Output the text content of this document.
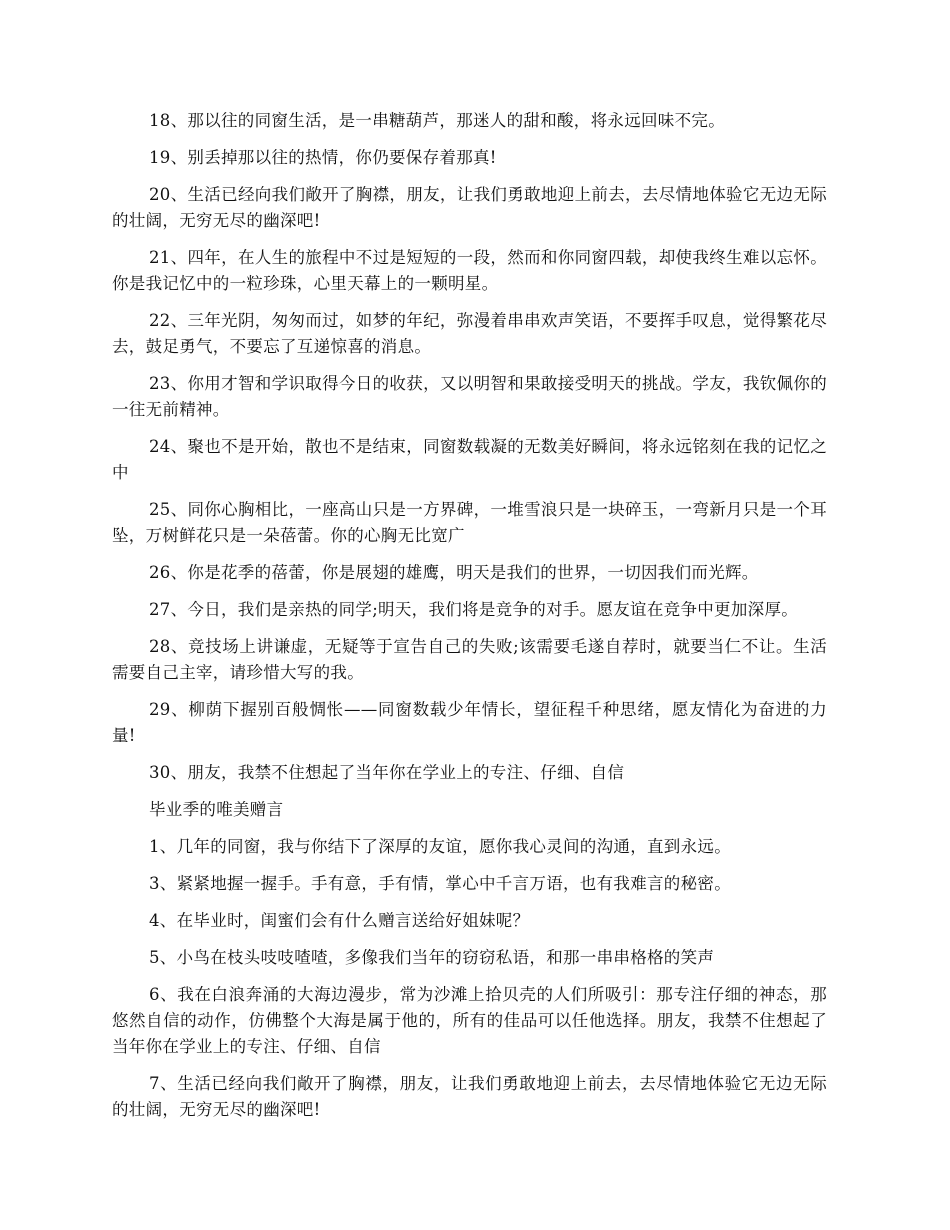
18、那以往的同窗生活，是一串糖葫芦，那迷人的甜和酸，将永远回味不完。

19、别丢掉那以往的热情，你仍要保存着那真!

20、生活已经向我们敞开了胸襟，朋友，让我们勇敢地迎上前去，去尽情地体验它无边无际的壮阔，无穷无尽的幽深吧!

21、四年，在人生的旅程中不过是短短的一段，然而和你同窗四载，却使我终生难以忘怀。你是我记忆中的一粒珍珠，心里天幕上的一颗明星。

22、三年光阴，匆匆而过，如梦的年纪，弥漫着串串欢声笑语，不要挥手叹息，觉得繁花尽去，鼓足勇气，不要忘了互递惊喜的消息。

23、你用才智和学识取得今日的收获，又以明智和果敢接受明天的挑战。学友，我钦佩你的一往无前精神。

24、聚也不是开始，散也不是结束，同窗数载凝的无数美好瞬间，将永远铭刻在我的记忆之中

25、同你心胸相比，一座高山只是一方界碑，一堆雪浪只是一块碎玉，一弯新月只是一个耳坠，万树鲜花只是一朵蓓蕾。你的心胸无比宽广

26、你是花季的蓓蕾，你是展翅的雄鹰，明天是我们的世界，一切因我们而光辉。

27、今日，我们是亲热的同学;明天，我们将是竞争的对手。愿友谊在竞争中更加深厚。

28、竞技场上讲谦虚，无疑等于宣告自己的失败;该需要毛遂自荐时，就要当仁不让。生活需要自己主宰，请珍惜大写的我。

29、柳荫下握别百般惆怅——同窗数载少年情长，望征程千种思绪，愿友情化为奋进的力量!

30、朋友，我禁不住想起了当年你在学业上的专注、仔细、自信

毕业季的唯美赠言

1、几年的同窗，我与你结下了深厚的友谊，愿你我心灵间的沟通，直到永远。

3、紧紧地握一握手。手有意，手有情，掌心中千言万语，也有我难言的秘密。

4、在毕业时，闺蜜们会有什么赠言送给好姐妹呢？

5、小鸟在枝头吱吱喳喳，多像我们当年的窃窃私语，和那一串串格格的笑声

6、我在白浪奔涌的大海边漫步，常为沙滩上拾贝壳的人们所吸引：那专注仔细的神态，那悠然自信的动作，仿佛整个大海是属于他的，所有的佳品可以任他选择。朋友，我禁不住想起了当年你在学业上的专注、仔细、自信

7、生活已经向我们敞开了胸襟，朋友，让我们勇敢地迎上前去，去尽情地体验它无边无际的壮阔，无穷无尽的幽深吧!
